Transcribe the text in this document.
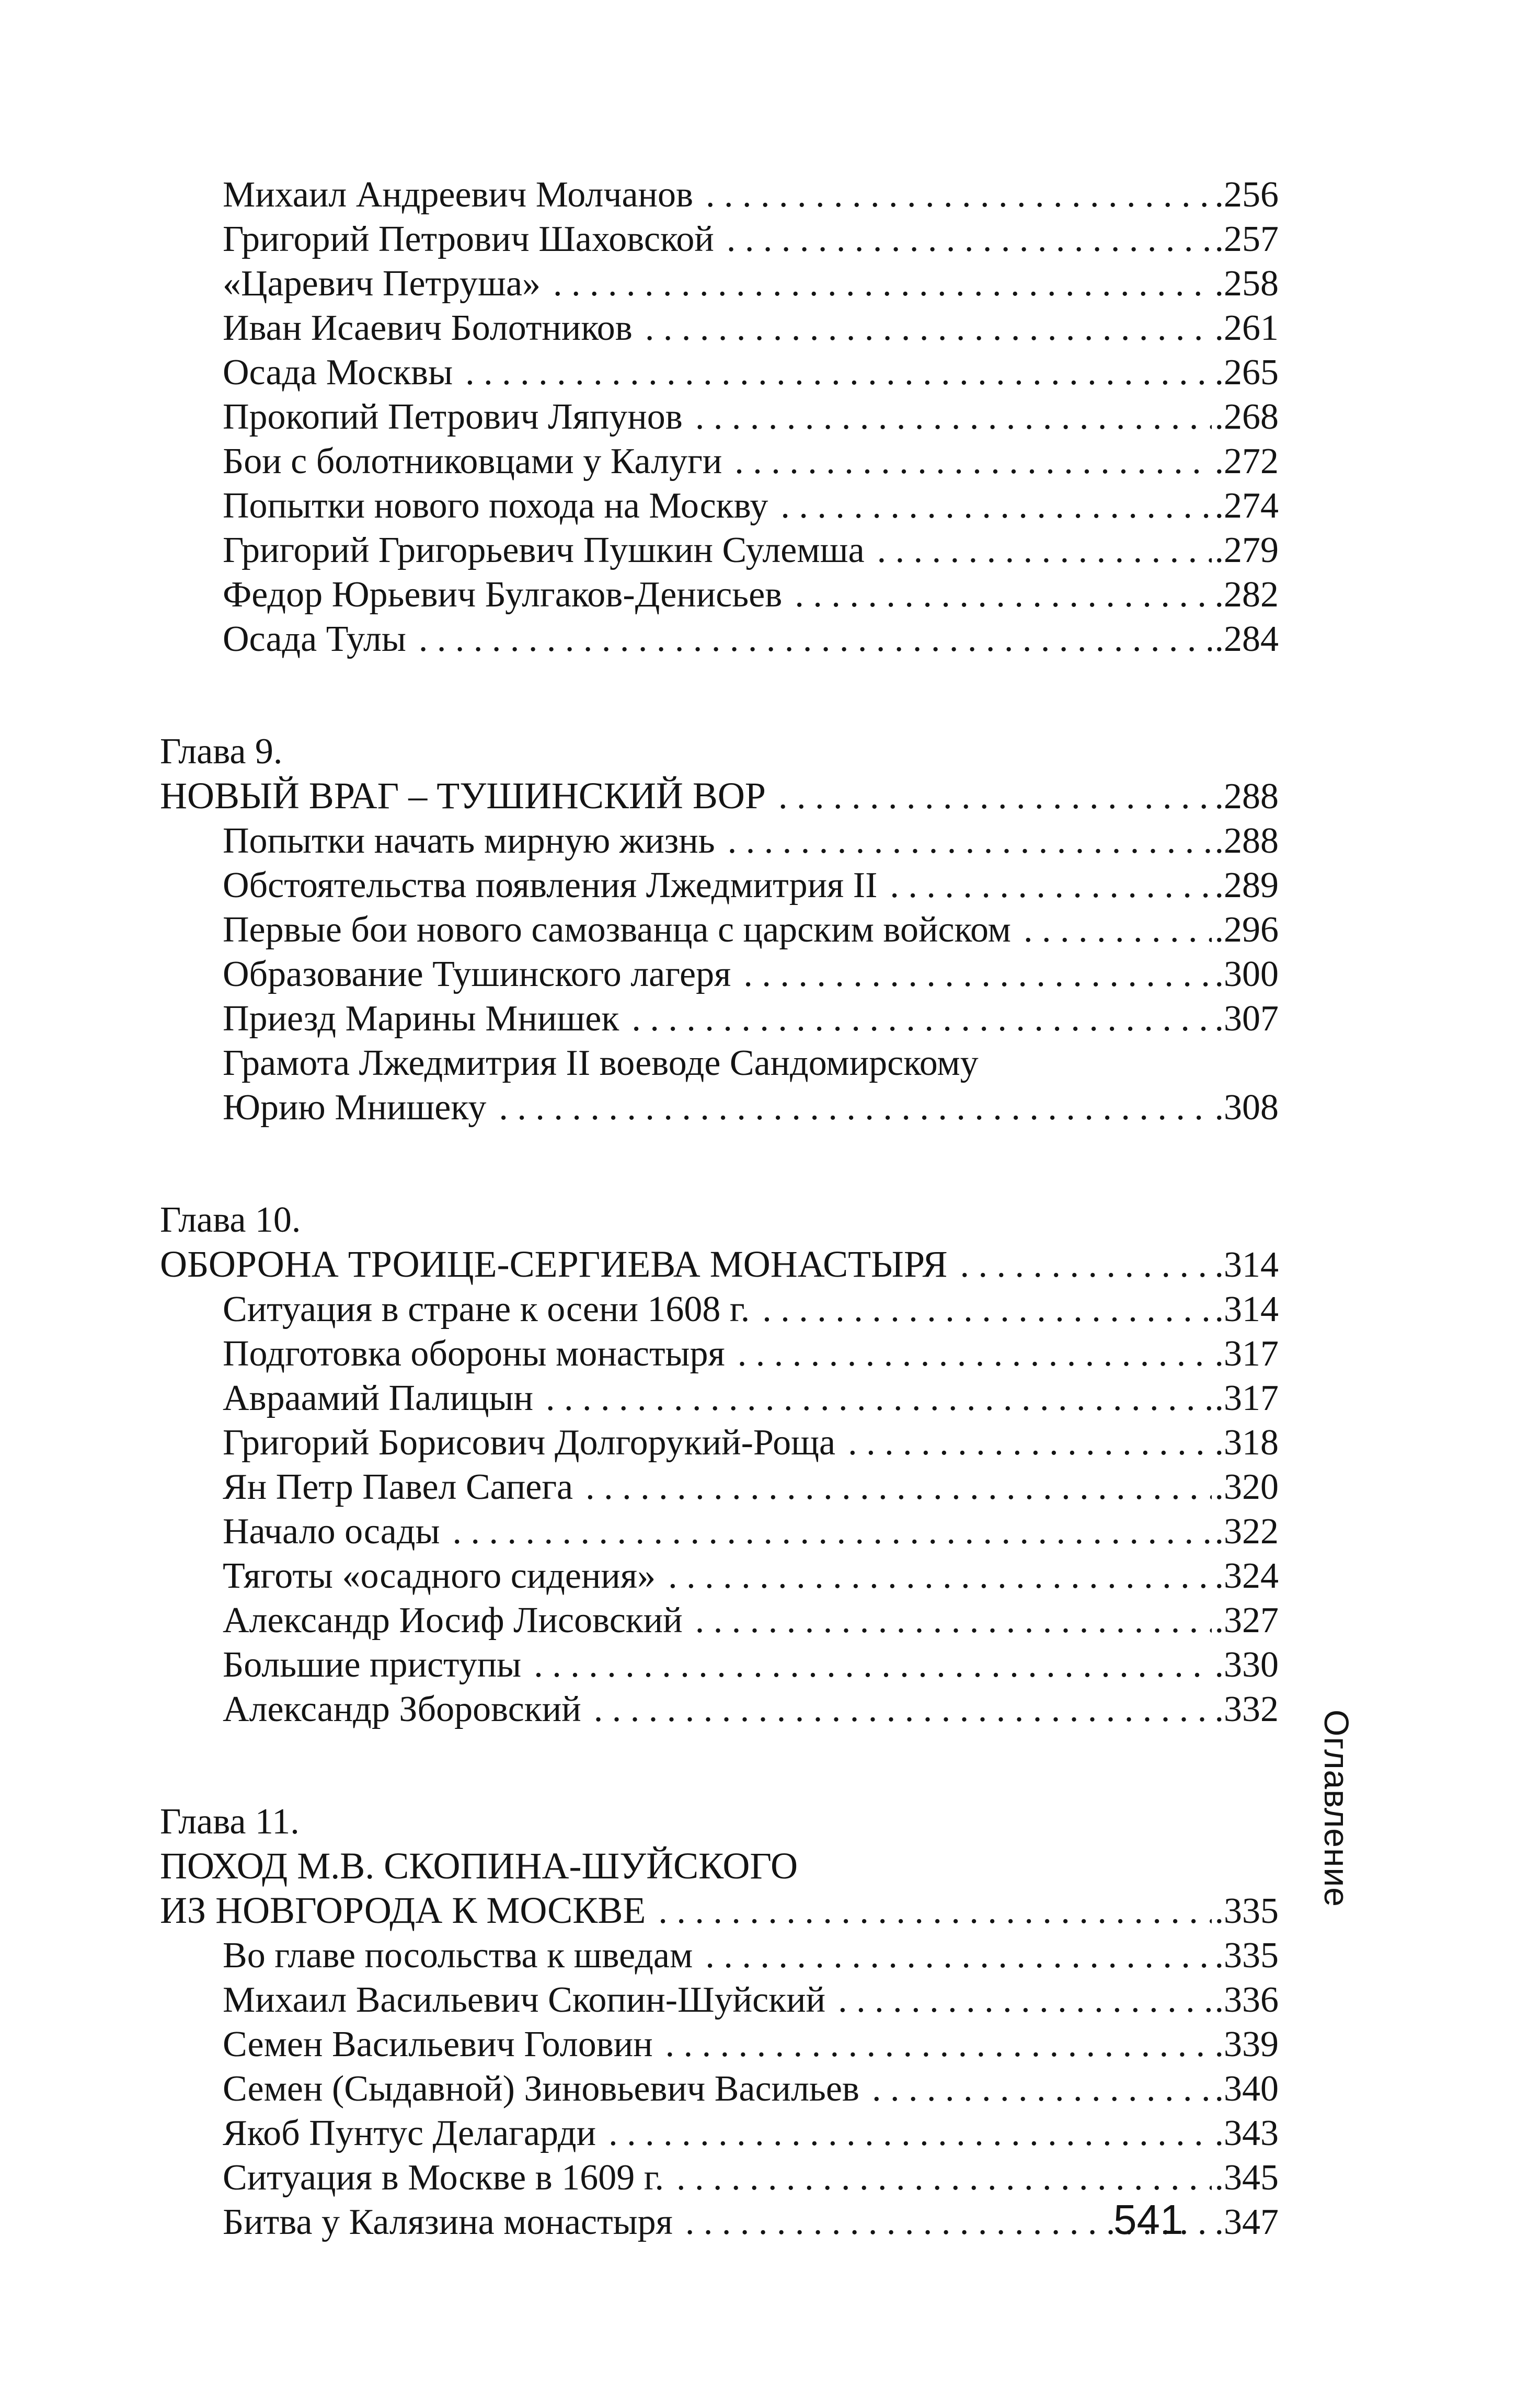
Михаил Андреевич Молчанов . . .	.256
Григорий Петрович Шаховской . . .	.257
«Царевич Петруша» . . .	.258
Иван Исаевич Болотников . . .	.261
Осада Москвы . . .	.265
Прокопий Петрович Ляпунов . . .	.268
Бои с болотниковцами у Калуги . . .	.272
Попытки нового похода на Москву . . .	.274
Григорий Григорьевич Пушкин Сулемша . . .	.279
Федор Юрьевич Булгаков-Денисьев . . .	.282
Осада Тулы . . .	.284
Глава 9.
НОВЫЙ ВРАГ – ТУШИНСКИЙ ВОР . . .	.288
Попытки начать мирную жизнь . . .	.288
Обстоятельства появления Лжедмитрия II . . .	.289
Первые бои нового самозванца с царским войском . . .	.296
Образование Тушинского лагеря . . .	.300
Приезд Марины Мнишек . . .	.307
Грамота Лжедмитрия II воеводе Сандомирскому
Юрию Мнишеку . . .	.308
Глава 10.
ОБОРОНА ТРОИЦЕ-СЕРГИЕВА МОНАСТЫРЯ . . .	.314
Ситуация в стране к осени 1608 г. . . .	.314
Подготовка обороны монастыря . . .	.317
Авраамий Палицын . . .	.317
Григорий Борисович Долгорукий-Роща . . .	.318
Ян Петр Павел Сапега . . .	.320
Начало осады . . .	.322
Тяготы «осадного сидения» . . .	.324
Александр Иосиф Лисовский . . .	.327
Большие приступы . . .	.330
Александр Зборовский . . .	.332
Глава 11.
ПОХОД М.В. СКОПИНА-ШУЙСКОГО
ИЗ НОВГОРОДА К МОСКВЕ . . .	.335
Во главе посольства к шведам . . .	.335
Михаил Васильевич Скопин-Шуйский . . .	.336
Семен Васильевич Головин . . .	.339
Семен (Сыдавной) Зиновьевич Васильев . . .	.340
Якоб Пунтус Делагарди . . .	.343
Ситуация в Москве в 1609 г. . . .	.345
Битва у Калязина монастыря . . .	.347
Оглавление
541
